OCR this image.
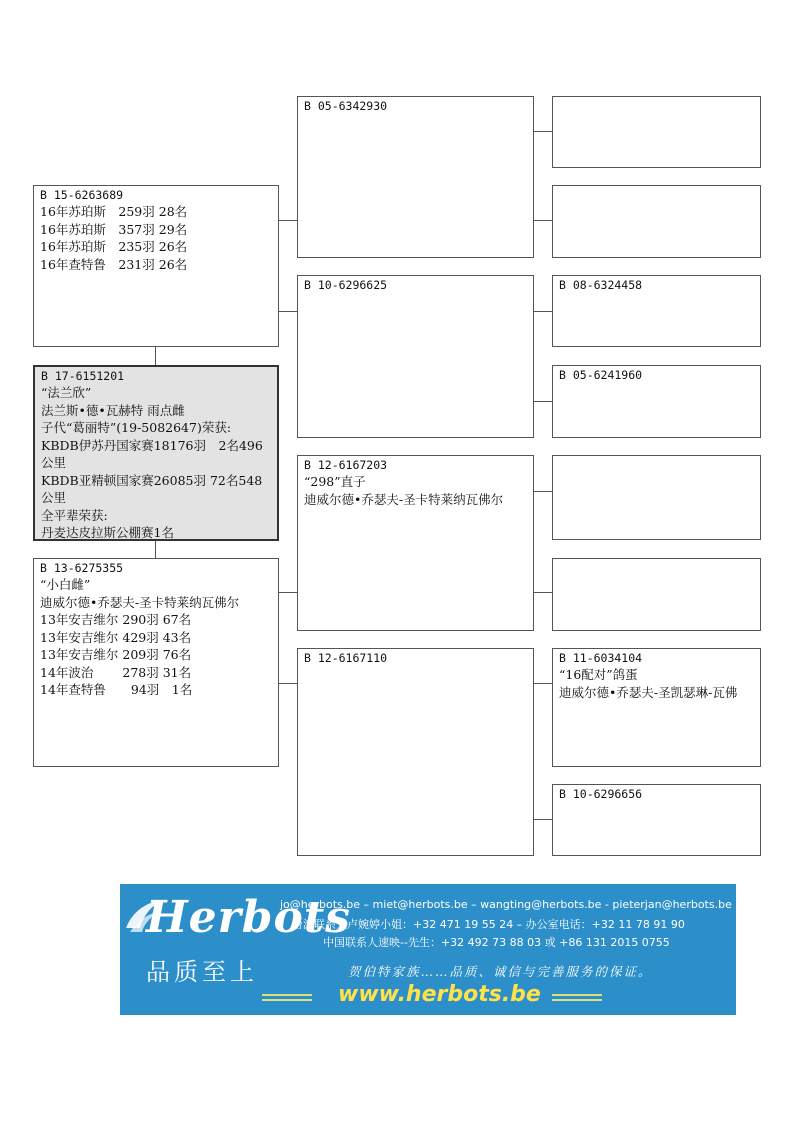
B 15-6263689
16年苏珀斯　259羽 28名
16年苏珀斯　357羽 29名
16年苏珀斯　235羽 26名
16年查特鲁　231羽 26名
B 17-6151201
“法兰欣”
法兰斯•德•瓦赫特 雨点雌
子代“葛丽特”(19-5082647)荣获:
KBDB伊苏丹国家赛18176羽　2名496公里
KBDB亚精顿国家赛26085羽 72名548公里
全平辈荣获:
丹麦达皮拉斯公棚赛1名
B 13-6275355
“小白雌”
迪威尔德•乔瑟夫-圣卡特莱纳瓦佛尔
13年安吉维尔 290羽 67名
13年安吉维尔 429羽 43名
13年安吉维尔 209羽 76名
14年波治　　 278羽 31名
14年查特鲁　　94羽　1名
B 05-6342930
B 10-6296625
B 12-6167203
“298”直子
迪威尔德•乔瑟夫-圣卡特莱纳瓦佛尔
B 12-6167110
B 08-6324458
B 05-6241960
B 11-6034104
“16配对”鸽蛋
迪威尔德•乔瑟夫-圣凯瑟琳-瓦佛
B 10-6296656
Herbots
品质至上
jo@herbots.be – miet@herbots.be – wangting@herbots.be - pieterjan@herbots.be
台湾联系人卢婉婷小姐：+32 471 19 55 24 – 办公室电话：+32 11 78 91 90
中国联系人速映--先生：+32 492 73 88 03 或 +86 131 2015 0755
贺伯特家族……品质、诚信与完善服务的保证。
www.herbots.be
